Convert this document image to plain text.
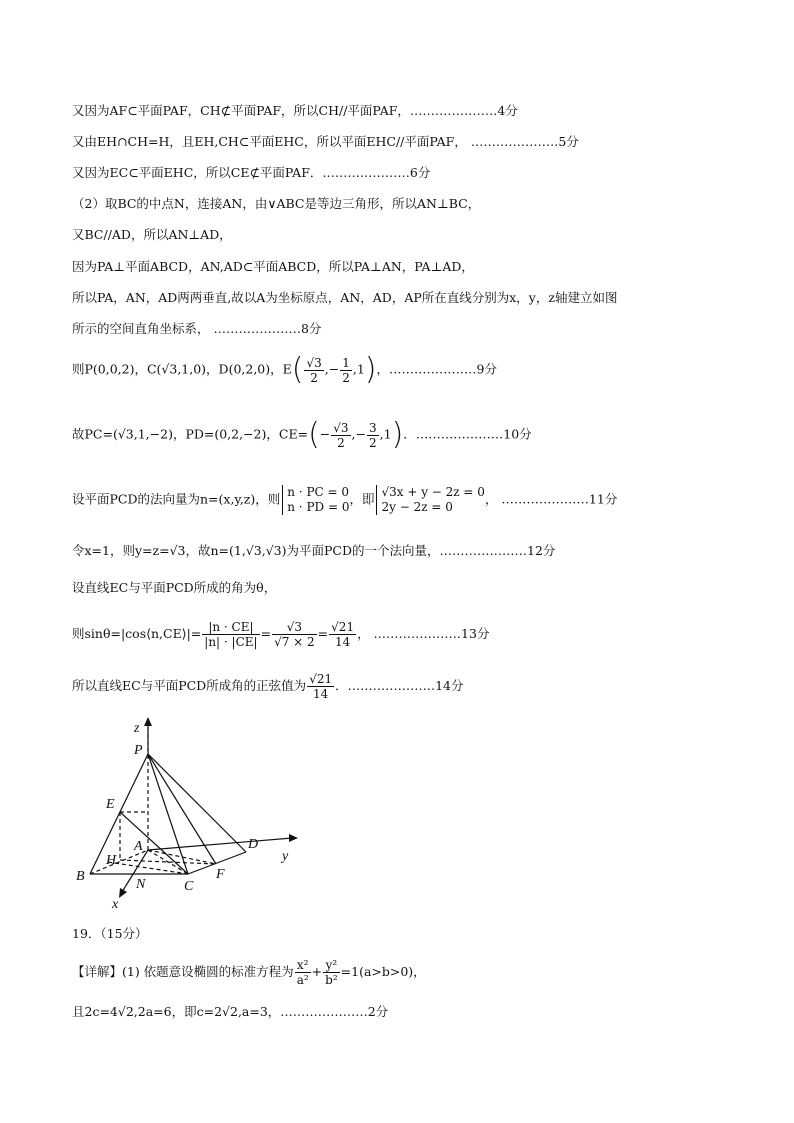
又因为AF⊂平面PAF，CH⊄平面PAF，所以CH//平面PAF，…………………4分
又由EH∩CH=H，且EH,CH⊂平面EHC，所以平面EHC//平面PAF， …………………5分
又因为EC⊂平面EHC，所以CE⊄平面PAF．…………………6分
（2）取BC的中点N，连接AN，由∨ABC是等边三角形，所以AN⊥BC，
又BC//AD，所以AN⊥AD，
因为PA⊥平面ABCD，AN,AD⊂平面ABCD，所以PA⊥AN，PA⊥AD，
所以PA，AN，AD两两垂直,故以A为坐标原点，AN，AD，AP所在直线分别为x，y，z轴建立如图
所示的空间直角坐标系， …………………8分
则P(0,0,2)，C(√3,1,0)，D(0,2,0)，$E( \frac{√3}{2}$ ,− $\frac{1}{2} ,1$)，…………………9分
故PC=(√3,1,−2)，PD=(0,2,−2)，$CE=(- \frac{√3}{2}$ ,− $\frac{3}{2} ,1$)．…………………10分
设平面PCD的法向量为n=(x,y,z)，则 n · PC = 0
n · PD = 0
，即 √3x + y − 2z = 0
2y − 2z = 0
， …………………11分
令x=1，则y=z=√3，故n=(1,√3,√3)为平面PCD的一个法向量，…………………12分
设直线EC与平面PCD所成的角为θ，
则sinθ=|cos⟨n,CE⟩|= $\frac{|n \cdot CE|}{|n| \cdot |CE|} = \frac{√3}{√7 \times 2} = \frac{√21}{14}$ ， …………………13分
所以直线EC与平面PCD所成角的正弦值为 $\frac{√21}{14}$ ．…………………14分
z
P
E
A
H
B
N	C
F
D
x
y
19．（15分）
【详解】(1) 依题意设椭圆的标准方程为 $\frac{\text{x²}}{\text{a²}} + \frac{\text{y²}}{\text{b²}} =1(a>b>0)$，
且2c=4√2,2a=6，即c=2√2,a=3，…………………2分
